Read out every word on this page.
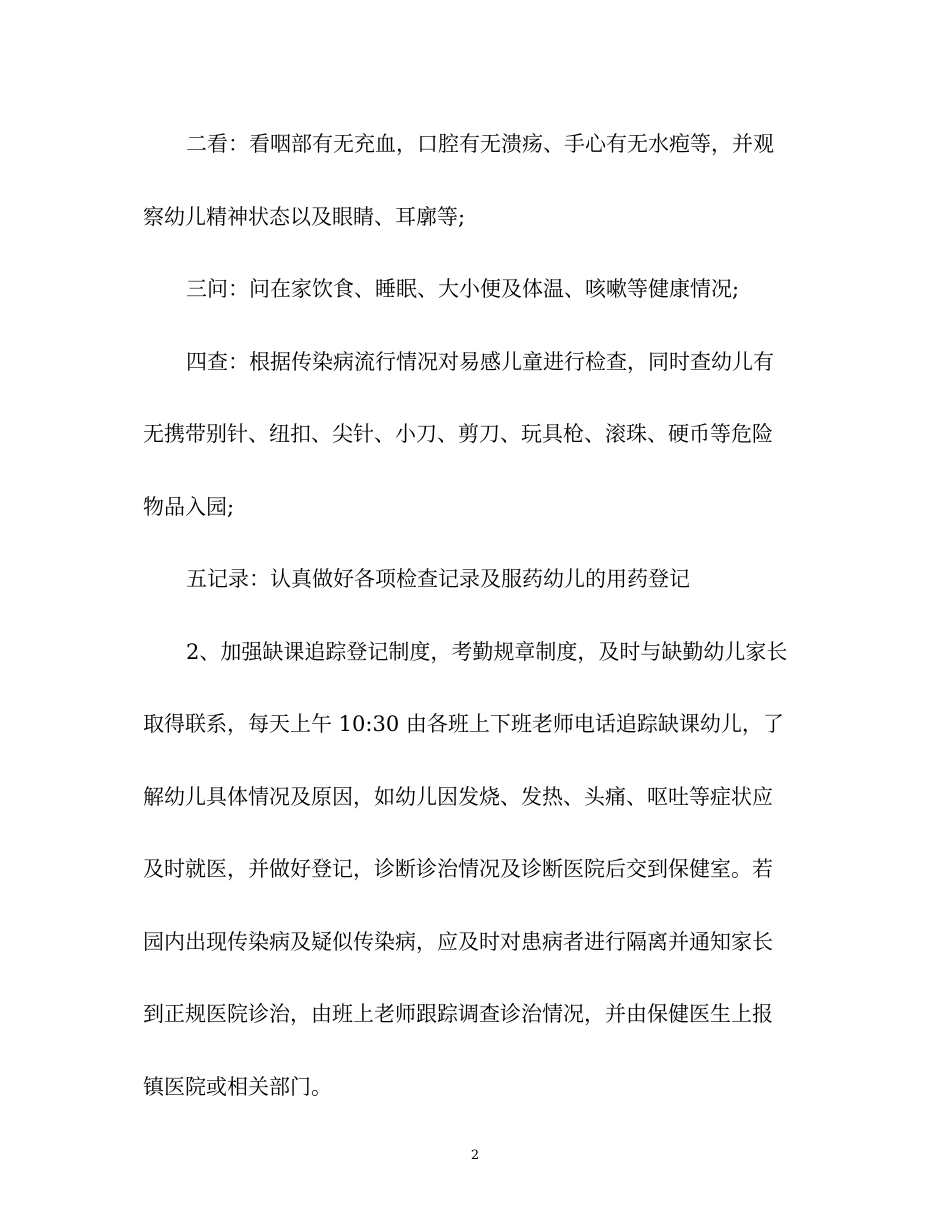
二看：看咽部有无充血，口腔有无溃疡、手心有无水疱等，并观
察幼儿精神状态以及眼睛、耳廓等;
三问：问在家饮食、睡眠、大小便及体温、咳嗽等健康情况;
四查：根据传染病流行情况对易感儿童进行检查，同时查幼儿有
无携带别针、纽扣、尖针、小刀、剪刀、玩具枪、滚珠、硬币等危险
物品入园;
五记录：认真做好各项检查记录及服药幼儿的用药登记
2、加强缺课追踪登记制度，考勤规章制度，及时与缺勤幼儿家长
取得联系，每天上午 10:30 由各班上下班老师电话追踪缺课幼儿，了
解幼儿具体情况及原因，如幼儿因发烧、发热、头痛、呕吐等症状应
及时就医，并做好登记，诊断诊治情况及诊断医院后交到保健室。若
园内出现传染病及疑似传染病，应及时对患病者进行隔离并通知家长
到正规医院诊治，由班上老师跟踪调查诊治情况，并由保健医生上报
镇医院或相关部门。
2
